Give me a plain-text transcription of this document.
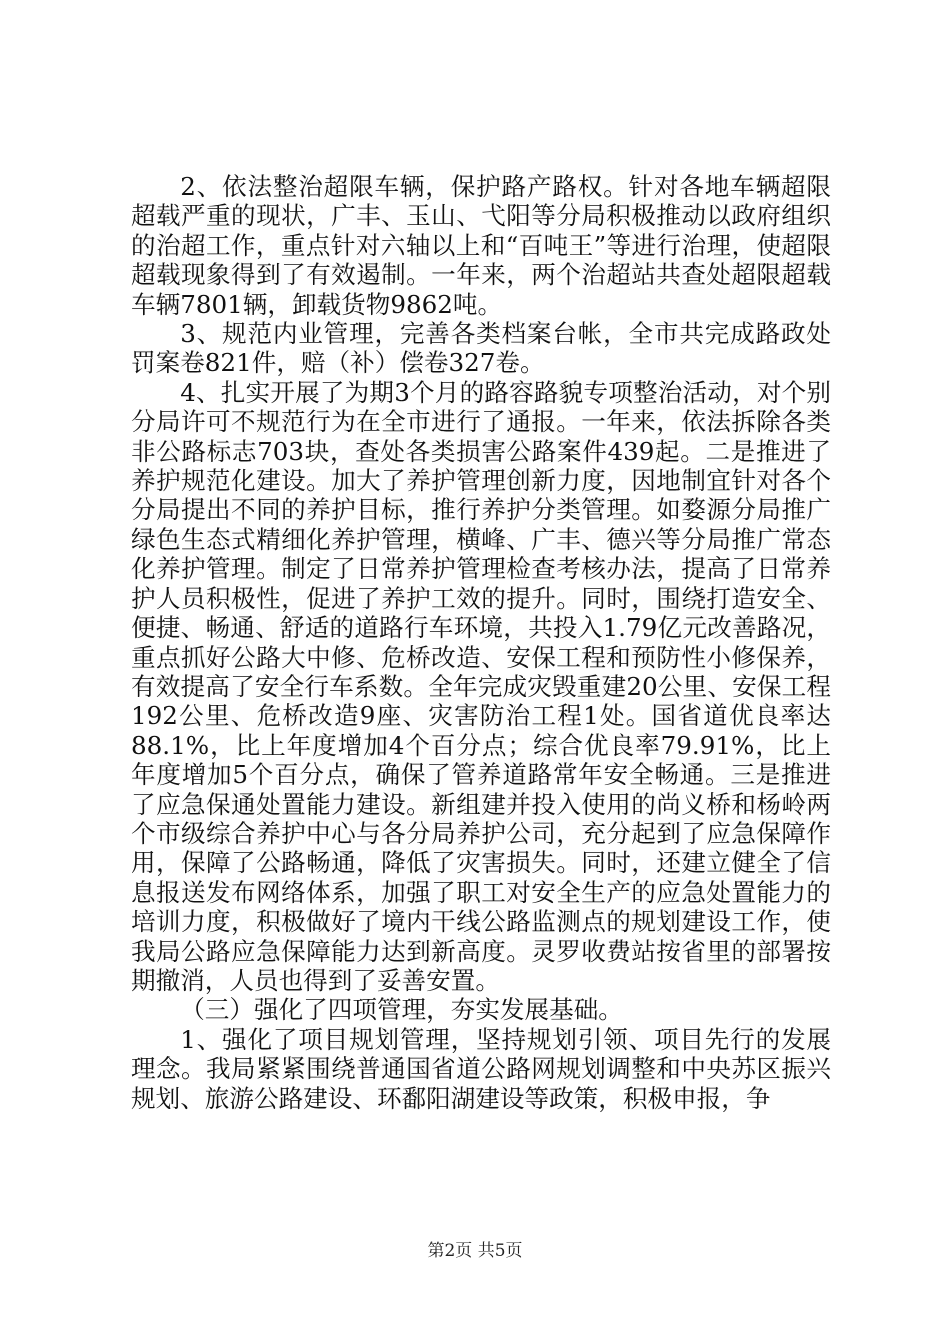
2、依法整治超限车辆，保护路产路权。针对各地车辆超限超载严重的现状，广丰、玉山、弋阳等分局积极推动以政府组织的治超工作，重点针对六轴以上和“百吨王”等进行治理，使超限超载现象得到了有效遏制。一年来，两个治超站共查处超限超载车辆7801辆，卸载货物9862吨。

3、规范内业管理，完善各类档案台帐，全市共完成路政处罚案卷821件，赔（补）偿卷327卷。

4、扎实开展了为期3个月的路容路貌专项整治活动，对个别分局许可不规范行为在全市进行了通报。一年来，依法拆除各类非公路标志703块，查处各类损害公路案件439起。二是推进了养护规范化建设。加大了养护管理创新力度，因地制宜针对各个分局提出不同的养护目标，推行养护分类管理。如婺源分局推广绿色生态式精细化养护管理，横峰、广丰、德兴等分局推广常态化养护管理。制定了日常养护管理检查考核办法，提高了日常养护人员积极性，促进了养护工效的提升。同时，围绕打造安全、便捷、畅通、舒适的道路行车环境，共投入1.79亿元改善路况，重点抓好公路大中修、危桥改造、安保工程和预防性小修保养，有效提高了安全行车系数。全年完成灾毁重建20公里、安保工程192公里、危桥改造9座、灾害防治工程1处。国省道优良率达88.1%，比上年度增加4个百分点；综合优良率79.91%，比上年度增加5个百分点，确保了管养道路常年安全畅通。三是推进了应急保通处置能力建设。新组建并投入使用的尚义桥和杨岭两个市级综合养护中心与各分局养护公司，充分起到了应急保障作用，保障了公路畅通，降低了灾害损失。同时，还建立健全了信息报送发布网络体系，加强了职工对安全生产的应急处置能力的培训力度，积极做好了境内干线公路监测点的规划建设工作，使我局公路应急保障能力达到新高度。灵罗收费站按省里的部署按期撤消，人员也得到了妥善安置。

（三）强化了四项管理，夯实发展基础。

1、强化了项目规划管理，坚持规划引领、项目先行的发展理念。我局紧紧围绕普通国省道公路网规划调整和中央苏区振兴规划、旅游公路建设、环鄱阳湖建设等政策，积极申报，争

第2页 共5页
